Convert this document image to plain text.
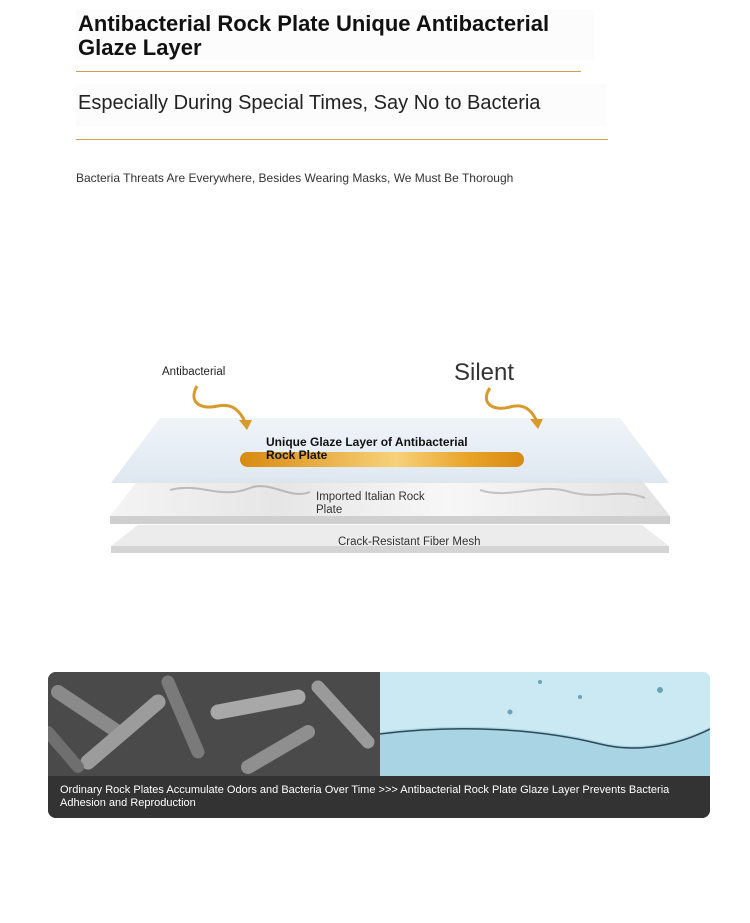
Antibacterial Rock Plate Unique Antibacterial Glaze Layer
Especially During Special Times, Say No to Bacteria
Bacteria Threats Are Everywhere, Besides Wearing Masks, We Must Be Thorough
Antibacterial	Silent
Unique Glaze Layer of Antibacterial Rock Plate
Imported Italian Rock Plate
Crack-Resistant Fiber Mesh
Ordinary Rock Plates Accumulate Odors and Bacteria Over Time >>> Antibacterial Rock Plate Glaze Layer Prevents Bacteria Adhesion and Reproduction
